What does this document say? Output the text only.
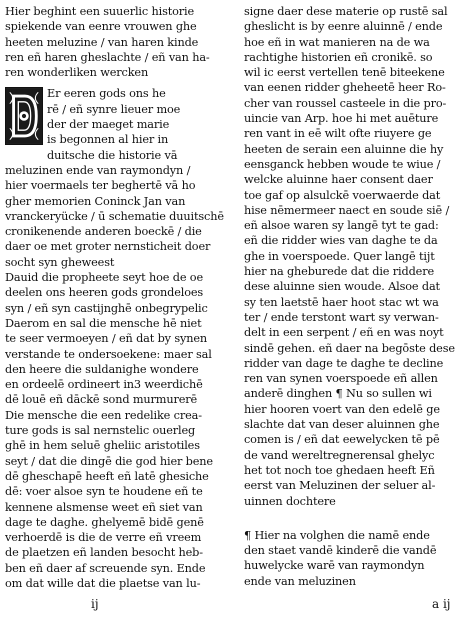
Hier beghint een suuerlic historie
spiekende van eenre vrouwen ghe
heeten meluzine / van haren kinde
ren eñ haren gheslachte / eñ van ha-
ren wonderliken wercken
Er eeren gods ons he
rē / eñ synre lieuer moe
der der maeget marie
is begonnen al hier in
duitsche die historie vā
meluzinen ende van raymondyn /
hier voermaels ter beghertē vā ho
gher memorien Coninck Jan van
vranckeryücke / ū schematie duuitschē
cronikenende anderen boeckē / die
daer oe met groter nernsticheit doer
socht syn gheweest
Dauid die propheete seyt hoe de oe
deelen ons heeren gods grondeloes
syn / eñ syn castijnghē onbegrypelic
Daerom en sal die mensche hē niet
te seer vermoeyen / eñ dat by synen
verstande te ondersoekene: maer sal
den heere die suldanighe wondere
en ordeelē ordineert in3 weerdichē
dē louē eñ dāckē sond murmurerē
Die mensche die een redelike crea-
ture gods is sal nernstelic ouerleg
ghē in hem seluē gheliic aristotiles
seyt / dat die dingē die god hier bene
dē gheschapē heeft eñ latē ghesiche
dē: voer alsoe syn te houdene eñ te
kennene alsmense weet eñ siet van
dage te daghe. ghelyemē bidē genē
verhoerdē is die de verre eñ vreem
de plaetzen eñ landen besocht heb-
ben eñ daer af screuende syn. Ende
om dat wille dat die plaetse van lu-
signe daer dese materie op rustē sal
gheslicht is by eenre aluinnē / ende
hoe eñ in wat manieren na de wa
rachtighe historien eñ cronikē. so
wil ic eerst vertellen tenē biteekene
van eenen ridder gheheetē heer Ro-
cher van roussel casteele in die pro-
uincie van Arp. hoe hi met auēture
ren vant in eē wilt ofte riuyere ge
heeten de serain een aluinne die hy
eensganck hebben woude te wiue /
welcke aluinne haer consent daer
toe gaf op alsulckē voerwaerde dat
hise nēmermeer naect en soude siē /
eñ alsoe waren sy langē tyt te gad:
eñ die ridder wies van daghe te da
ghe in voerspoede. Quer langē tijt
hier na gheburede dat die riddere
dese aluinne sien woude. Alsoe dat
sy ten laetstē haer hoot stac wt wa
ter / ende terstont wart sy verwan-
delt in een serpent / eñ en was noyt
sindē gehen. eñ daer na begōste dese
ridder van dage te daghe te decline
ren van synen voerspoede eñ allen
anderē dinghen ¶ Nu so sullen wi
hier hooren voert van den edelē ge
slachte dat van deser aluinnen ghe
comen is / eñ dat eewelycken tē pē
de vand wereltregnerensal ghelyc
het tot noch toe ghedaen heeft Eñ
eerst van Meluzinen der seluer al-
uinnen dochtere
¶ Hier na volghen die namē ende
den staet vandē kinderē die vandē
huwelycke warē van raymondyn
ende van meluzinen
ij	a ij
